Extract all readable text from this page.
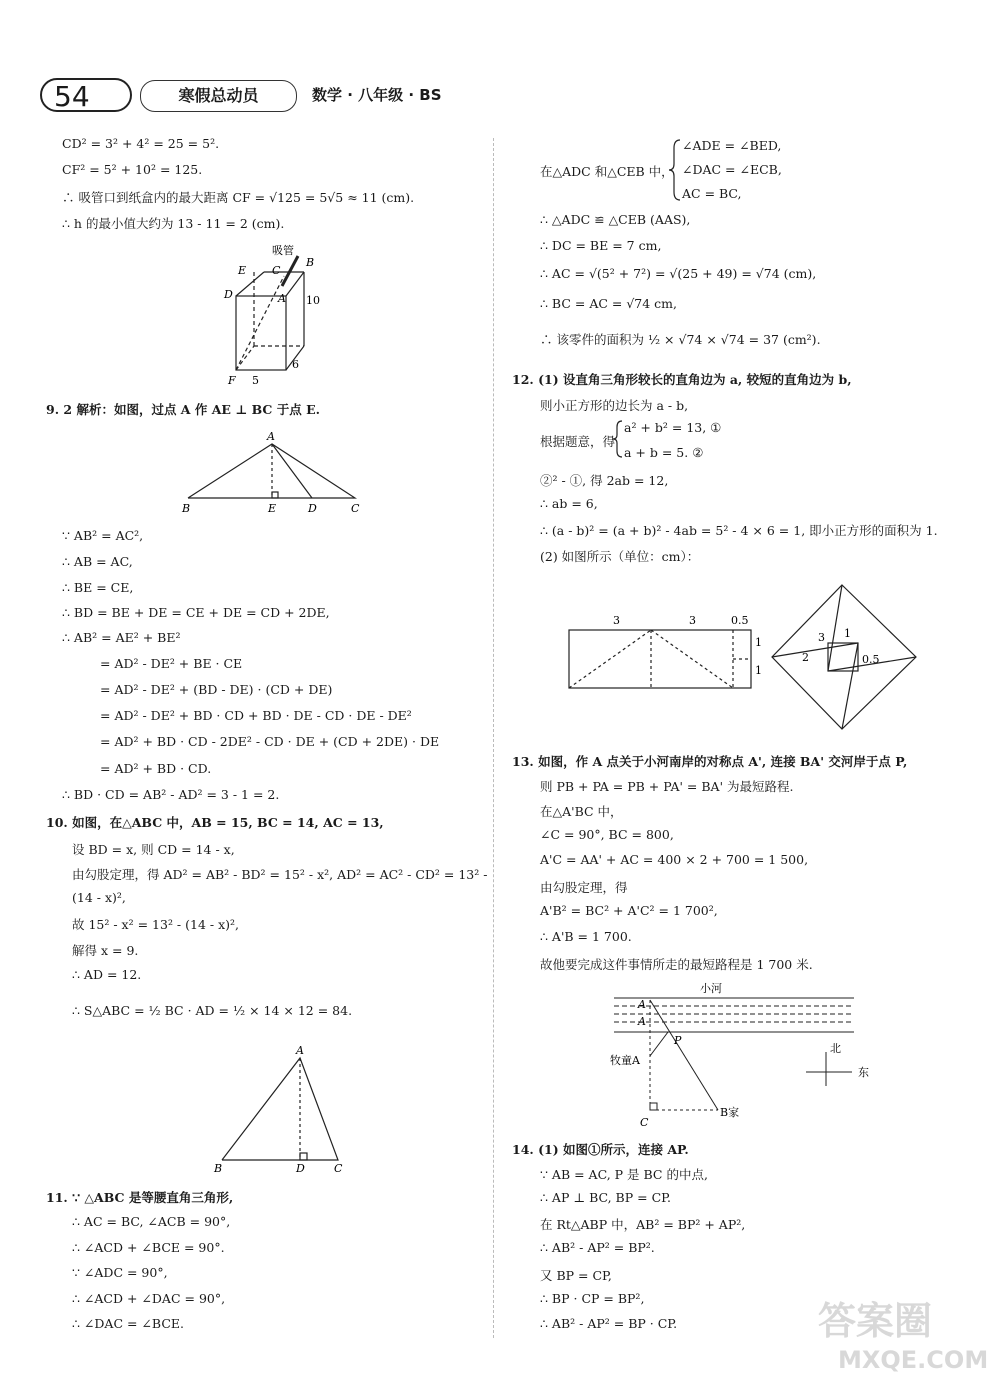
54	寒假总动员	数学 · 八年级 · BS
CD² = 3² + 4² = 25 = 5².
CF² = 5² + 10² = 125.
∴ 吸管口到纸盒内的最大距离 CF = √125 = 5√5 ≈ 11 (cm).
∴ h 的最小值大约为 13 - 11 = 2 (cm).
9. 2 解析：如图，过点 A 作 AE ⊥ BC 于点 E.
∵ AB² = AC²,
∴ AB = AC,
∴ BE = CE,
∴ BD = BE + DE = CE + DE = CD + 2DE,
∴ AB² = AE² + BE²
= AD² - DE² + BE · CE
= AD² - DE² + (BD - DE) · (CD + DE)
= AD² - DE² + BD · CD + BD · DE - CD · DE - DE²
= AD² + BD · CD - 2DE² - CD · DE + (CD + 2DE) · DE
= AD² + BD · CD.
∴ BD · CD = AB² - AD² = 3 - 1 = 2.
10. 如图，在△ABC 中，AB = 15, BC = 14, AC = 13,
设 BD = x, 则 CD = 14 - x,
由勾股定理，得 AD² = AB² - BD² = 15² - x², AD² = AC² - CD² = 13² -
(14 - x)²,
故 15² - x² = 13² - (14 - x)²,
解得 x = 9.
∴ AD = 12.
∴ S△ABC = ½ BC · AD = ½ × 14 × 12 = 84.
11. ∵ △ABC 是等腰直角三角形,
∴ AC = BC, ∠ACB = 90°,
∴ ∠ACD + ∠BCE = 90°.
∵ ∠ADC = 90°,
∴ ∠ACD + ∠DAC = 90°,
∴ ∠DAC = ∠BCE.
∠ADE = ∠BED,
在△ADC 和△CEB 中， ∠DAC = ∠ECB,
AC = BC,
∴ △ADC ≌ △CEB (AAS),
∴ DC = BE = 7 cm,
∴ AC = √(5² + 7²) = √(25 + 49) = √74 (cm),
∴ BC = AC = √74 cm,
∴ 该零件的面积为 ½ × √74 × √74 = 37 (cm²).
12. (1) 设直角三角形较长的直角边为 a, 较短的直角边为 b,
则小正方形的边长为 a - b,
根据题意，得
a² + b² = 13, ①
a + b = 5. ②
②² - ①, 得 2ab = 12,
∴ ab = 6,
∴ (a - b)² = (a + b)² - 4ab = 5² - 4 × 6 = 1, 即小正方形的面积为 1.
(2) 如图所示（单位：cm）：
13. 如图，作 A 点关于小河南岸的对称点 A', 连接 BA' 交河岸于点 P,
则 PB + PA = PB + PA' = BA' 为最短路程.
在△A'BC 中，
∠C = 90°, BC = 800,
A'C = AA' + AC = 400 × 2 + 700 = 1 500,
由勾股定理，得
A'B² = BC² + A'C² = 1 700²,
∴ A'B = 1 700.
故他要完成这件事情所走的最短路程是 1 700 米.
14. (1) 如图①所示，连接 AP.
∵ AB = AC, P 是 BC 的中点,
∴ AP ⊥ BC, BP = CP.
在 Rt△ABP 中，AB² = BP² + AP²,
∴ AB² - AP² = BP².
又 BP = CP,
∴ BP · CP = BP²,
∴ AB² - AP² = BP · CP.
吸管
E C
B
D	A 10
6
5
F
A
B	E	D	C
A
B	D	C
3	3	0.5
1
1
3 1
2	0.5
小河
A
A
P
牧童A
C
B家
北
东
答案圈
MXQE.COM
